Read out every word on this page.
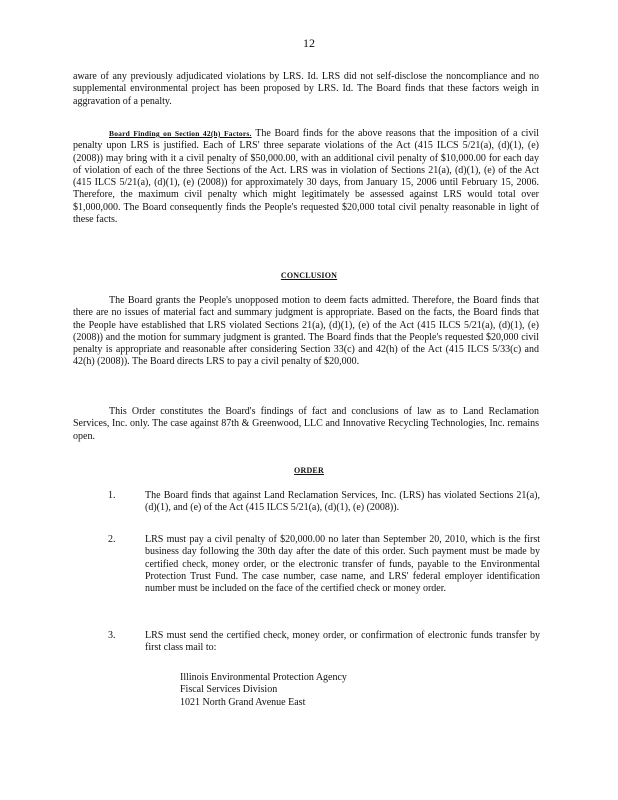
12

aware of any previously adjudicated violations by LRS. Id. LRS did not self-disclose the noncompliance and no supplemental environmental project has been proposed by LRS. Id. The Board finds that these factors weigh in aggravation of a penalty.

Board Finding on Section 42(h) Factors. The Board finds for the above reasons that the imposition of a civil penalty upon LRS is justified. Each of LRS' three separate violations of the Act (415 ILCS 5/21(a), (d)(1), (e) (2008)) may bring with it a civil penalty of $50,000.00, with an additional civil penalty of $10,000.00 for each day of violation of each of the three Sections of the Act. LRS was in violation of Sections 21(a), (d)(1), (e) of the Act (415 ILCS 5/21(a), (d)(1), (e) (2008)) for approximately 30 days, from January 15, 2006 until February 15, 2006. Therefore, the maximum civil penalty which might legitimately be assessed against LRS would total over $1,000,000. The Board consequently finds the People's requested $20,000 total civil penalty reasonable in light of these facts.

CONCLUSION

The Board grants the People's unopposed motion to deem facts admitted. Therefore, the Board finds that there are no issues of material fact and summary judgment is appropriate. Based on the facts, the Board finds that the People have established that LRS violated Sections 21(a), (d)(1), (e) of the Act (415 ILCS 5/21(a), (d)(1), (e) (2008)) and the motion for summary judgment is granted. The Board finds that the People's requested $20,000 civil penalty is appropriate and reasonable after considering Section 33(c) and 42(h) of the Act (415 ILCS 5/33(c) and 42(h) (2008)). The Board directs LRS to pay a civil penalty of $20,000.

This Order constitutes the Board's findings of fact and conclusions of law as to Land Reclamation Services, Inc. only. The case against 87th & Greenwood, LLC and Innovative Recycling Technologies, Inc. remains open.

ORDER
1.	The Board finds that against Land Reclamation Services, Inc. (LRS) has violated Sections 21(a), (d)(1), and (e) of the Act (415 ILCS 5/21(a), (d)(1), (e) (2008)).
2.	LRS must pay a civil penalty of $20,000.00 no later than September 20, 2010, which is the first business day following the 30th day after the date of this order. Such payment must be made by certified check, money order, or the electronic transfer of funds, payable to the Environmental Protection Trust Fund. The case number, case name, and LRS' federal employer identification number must be included on the face of the certified check or money order.
3.	LRS must send the certified check, money order, or confirmation of electronic funds transfer by first class mail to:
Illinois Environmental Protection Agency
Fiscal Services Division
1021 North Grand Avenue East
